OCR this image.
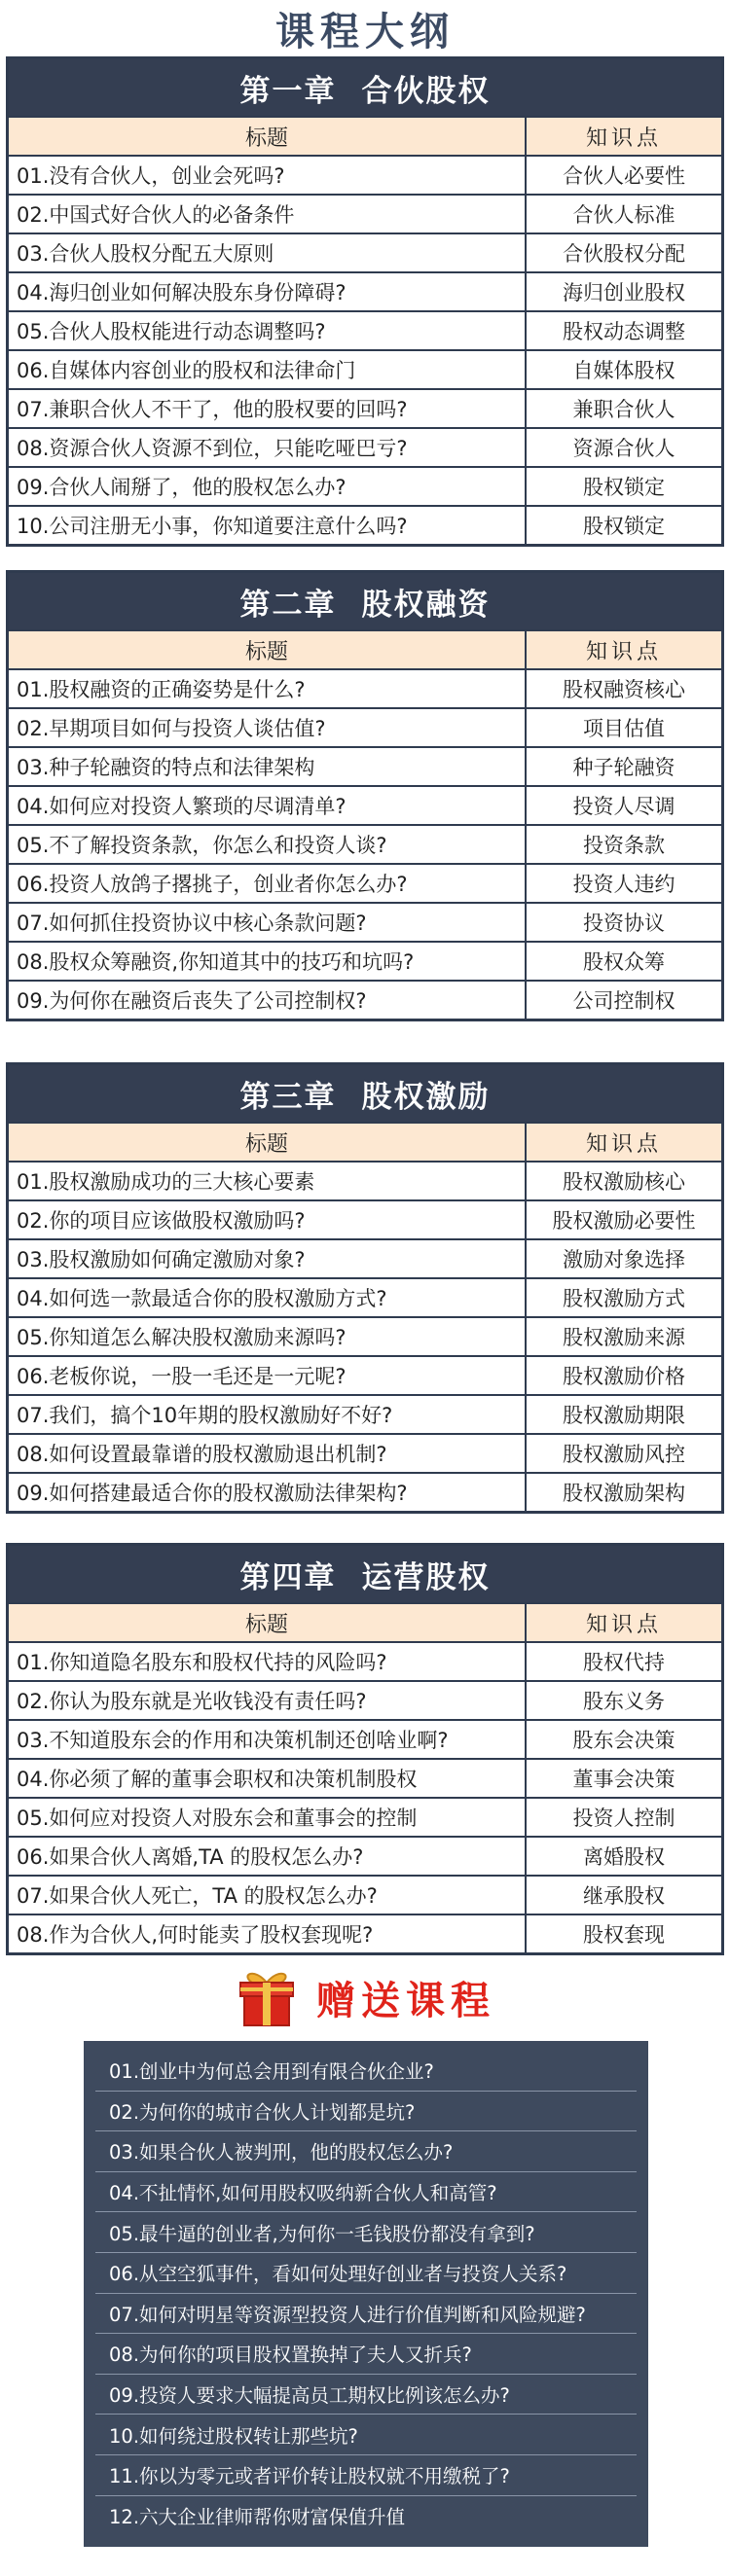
课程大纲
第一章 合伙股权
标题	知识点
01.没有合伙人，创业会死吗?	合伙人必要性
02.中国式好合伙人的必备条件	合伙人标准
03.合伙人股权分配五大原则	合伙股权分配
04.海归创业如何解决股东身份障碍?	海归创业股权
05.合伙人股权能进行动态调整吗?	股权动态调整
06.自媒体内容创业的股权和法律命门	自媒体股权
07.兼职合伙人不干了，他的股权要的回吗?	兼职合伙人
08.资源合伙人资源不到位，只能吃哑巴亏?	资源合伙人
09.合伙人闹掰了，他的股权怎么办?	股权锁定
10.公司注册无小事，你知道要注意什么吗?	股权锁定
第二章 股权融资
标题	知识点
01.股权融资的正确姿势是什么?	股权融资核心
02.早期项目如何与投资人谈估值?	项目估值
03.种子轮融资的特点和法律架构	种子轮融资
04.如何应对投资人繁琐的尽调清单?	投资人尽调
05.不了解投资条款，你怎么和投资人谈?	投资条款
06.投资人放鸽子撂挑子，创业者你怎么办?	投资人违约
07.如何抓住投资协议中核心条款问题?	投资协议
08.股权众筹融资,你知道其中的技巧和坑吗?	股权众筹
09.为何你在融资后丧失了公司控制权?	公司控制权
第三章 股权激励
标题	知识点
01.股权激励成功的三大核心要素	股权激励核心
02.你的项目应该做股权激励吗?	股权激励必要性
03.股权激励如何确定激励对象?	激励对象选择
04.如何选一款最适合你的股权激励方式?	股权激励方式
05.你知道怎么解决股权激励来源吗?	股权激励来源
06.老板你说，一股一毛还是一元呢?	股权激励价格
07.我们，搞个10年期的股权激励好不好?	股权激励期限
08.如何设置最靠谱的股权激励退出机制?	股权激励风控
09.如何搭建最适合你的股权激励法律架构?	股权激励架构
第四章 运营股权
标题	知识点
01.你知道隐名股东和股权代持的风险吗?	股权代持
02.你认为股东就是光收钱没有责任吗?	股东义务
03.不知道股东会的作用和决策机制还创啥业啊?	股东会决策
04.你必须了解的董事会职权和决策机制股权	董事会决策
05.如何应对投资人对股东会和董事会的控制	投资人控制
06.如果合伙人离婚,TA 的股权怎么办?	离婚股权
07.如果合伙人死亡，TA 的股权怎么办?	继承股权
08.作为合伙人,何时能卖了股权套现呢?	股权套现
赠送课程
01.创业中为何总会用到有限合伙企业?
02.为何你的城市合伙人计划都是坑?
03.如果合伙人被判刑，他的股权怎么办?
04.不扯情怀,如何用股权吸纳新合伙人和高管?
05.最牛逼的创业者,为何你一毛钱股份都没有拿到?
06.从空空狐事件，看如何处理好创业者与投资人关系?
07.如何对明星等资源型投资人进行价值判断和风险规避?
08.为何你的项目股权置换掉了夫人又折兵?
09.投资人要求大幅提高员工期权比例该怎么办?
10.如何绕过股权转让那些坑?
11.你以为零元或者评价转让股权就不用缴税了?
12.六大企业律师帮你财富保值升值
